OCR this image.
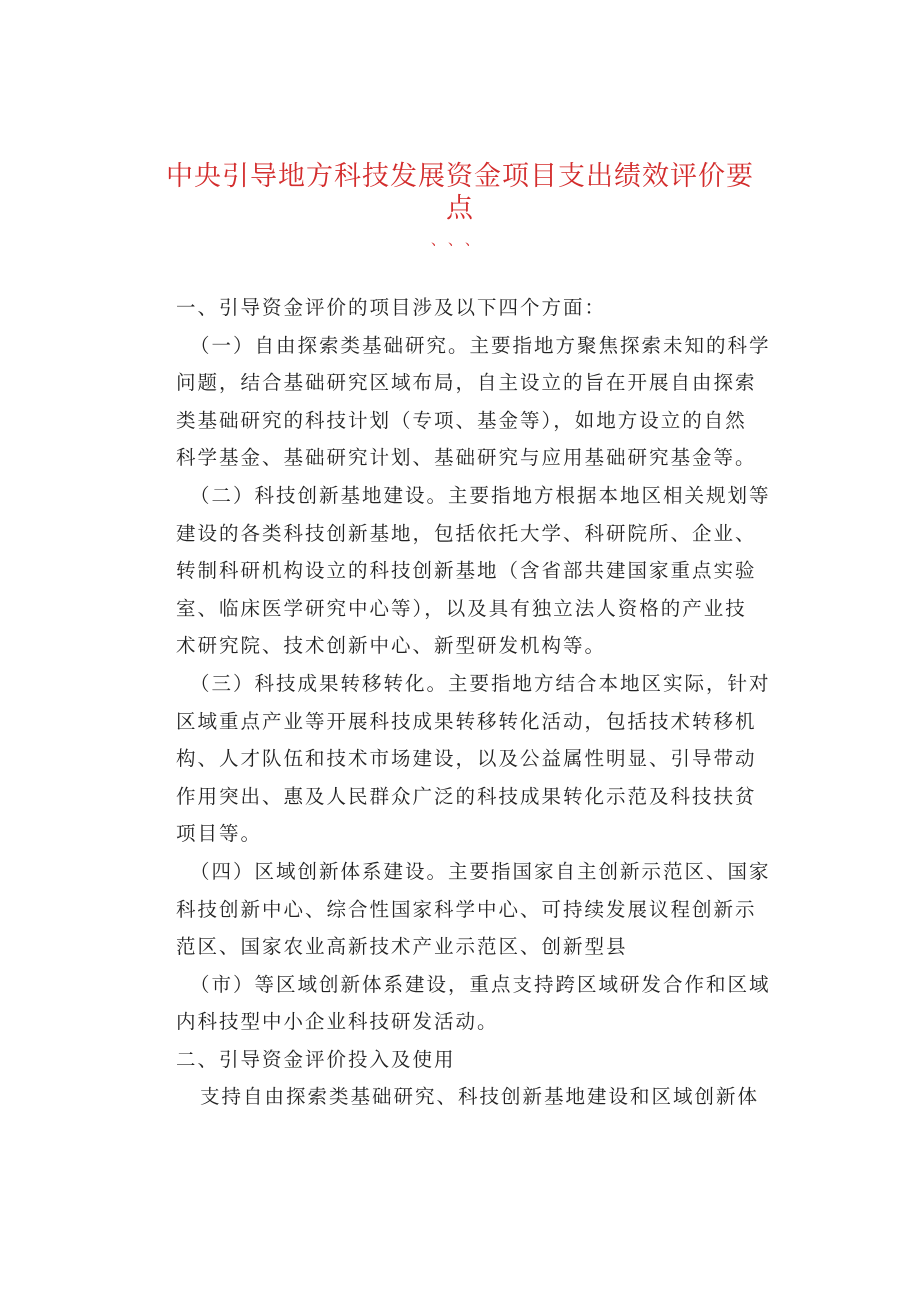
中央引导地方科技发展资金项目支出绩效评价要
点
、、、
一、引导资金评价的项目涉及以下四个方面：
（一）自由探索类基础研究。主要指地方聚焦探索未知的科学
问题，结合基础研究区域布局，自主设立的旨在开展自由探索
类基础研究的科技计划（专项、基金等），如地方设立的自然
科学基金、基础研究计划、基础研究与应用基础研究基金等。
（二）科技创新基地建设。主要指地方根据本地区相关规划等
建设的各类科技创新基地，包括依托大学、科研院所、企业、
转制科研机构设立的科技创新基地（含省部共建国家重点实验
室、临床医学研究中心等），以及具有独立法人资格的产业技
术研究院、技术创新中心、新型研发机构等。
（三）科技成果转移转化。主要指地方结合本地区实际，针对
区域重点产业等开展科技成果转移转化活动，包括技术转移机
构、人才队伍和技术市场建设，以及公益属性明显、引导带动
作用突出、惠及人民群众广泛的科技成果转化示范及科技扶贫
项目等。
（四）区域创新体系建设。主要指国家自主创新示范区、国家
科技创新中心、综合性国家科学中心、可持续发展议程创新示
范区、国家农业高新技术产业示范区、创新型县
（市）等区域创新体系建设，重点支持跨区域研发合作和区域
内科技型中小企业科技研发活动。
二、引导资金评价投入及使用
支持自由探索类基础研究、科技创新基地建设和区域创新体
